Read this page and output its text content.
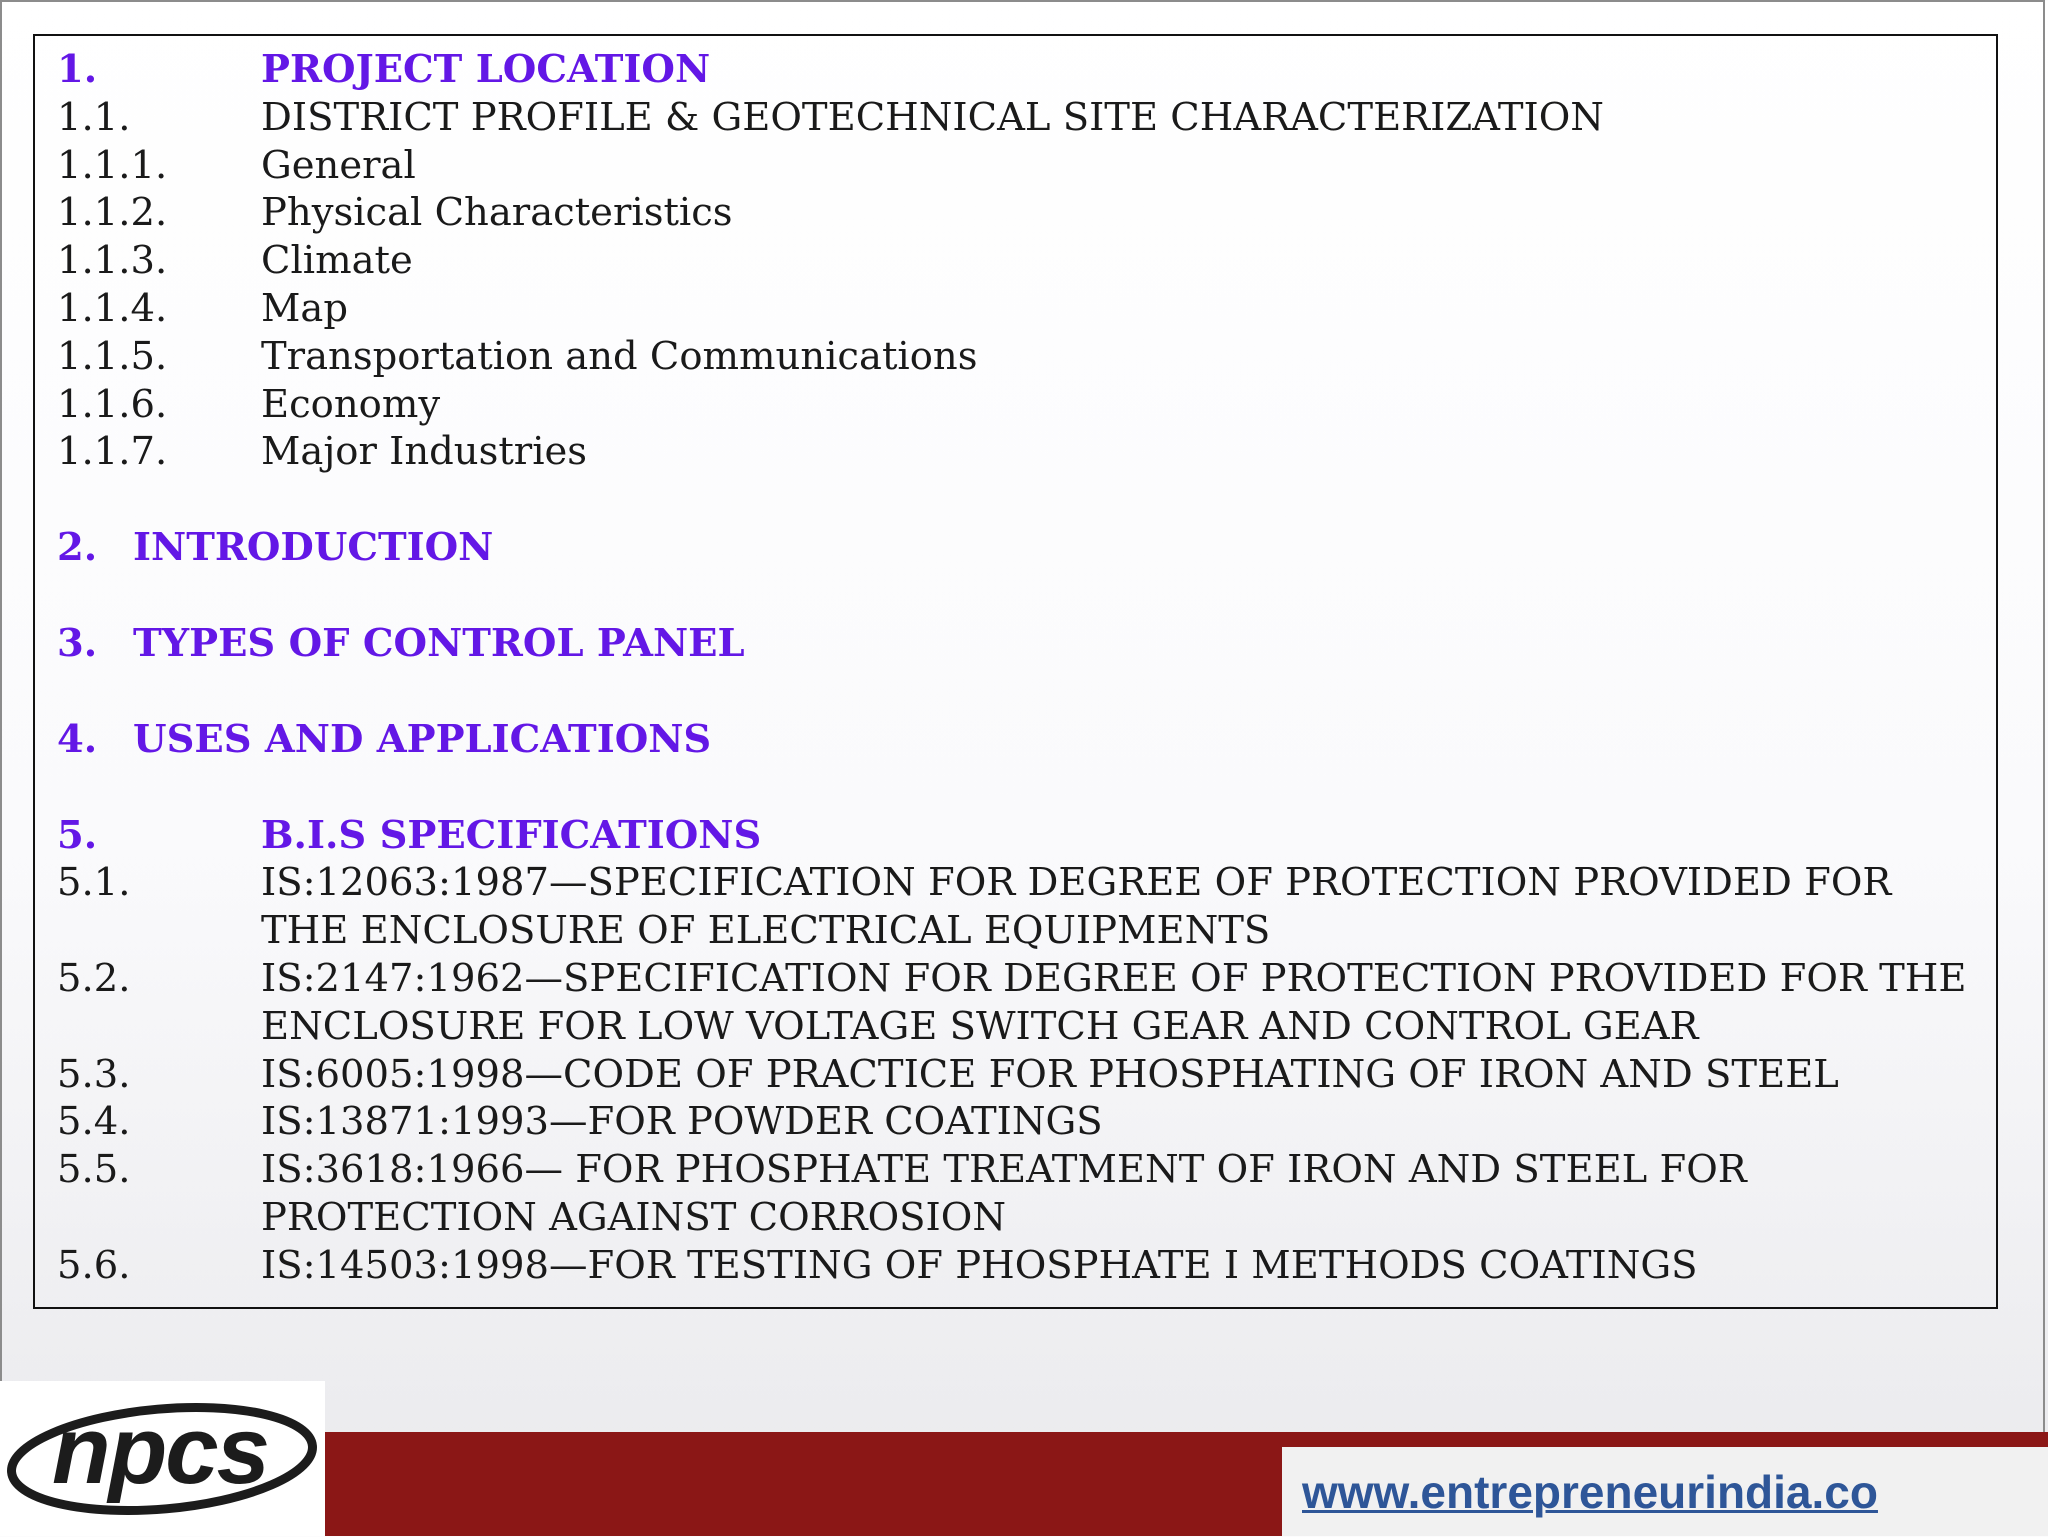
1.	PROJECT LOCATION
1.1.	DISTRICT PROFILE & GEOTECHNICAL SITE CHARACTERIZATION
1.1.1.	General
1.1.2.	Physical Characteristics
1.1.3.	Climate
1.1.4.	Map
1.1.5.	Transportation and Communications
1.1.6.	Economy
1.1.7.	Major Industries
2. INTRODUCTION
3. TYPES OF CONTROL PANEL
4. USES AND APPLICATIONS
5.	B.I.S SPECIFICATIONS
5.1.	IS:12063:1987—SPECIFICATION FOR DEGREE OF PROTECTION PROVIDED FOR THE ENCLOSURE OF ELECTRICAL EQUIPMENTS
5.2.	IS:2147:1962—SPECIFICATION FOR DEGREE OF PROTECTION PROVIDED FOR THE ENCLOSURE FOR LOW VOLTAGE SWITCH GEAR AND CONTROL GEAR
5.3.	IS:6005:1998—CODE OF PRACTICE FOR PHOSPHATING OF IRON AND STEEL
5.4.	IS:13871:1993—FOR POWDER COATINGS
5.5.	IS:3618:1966— FOR PHOSPHATE TREATMENT OF IRON AND STEEL FOR PROTECTION AGAINST CORROSION
5.6.	IS:14503:1998—FOR TESTING OF PHOSPHATE I METHODS COATINGS
npcs	www.entrepreneurindia.co
